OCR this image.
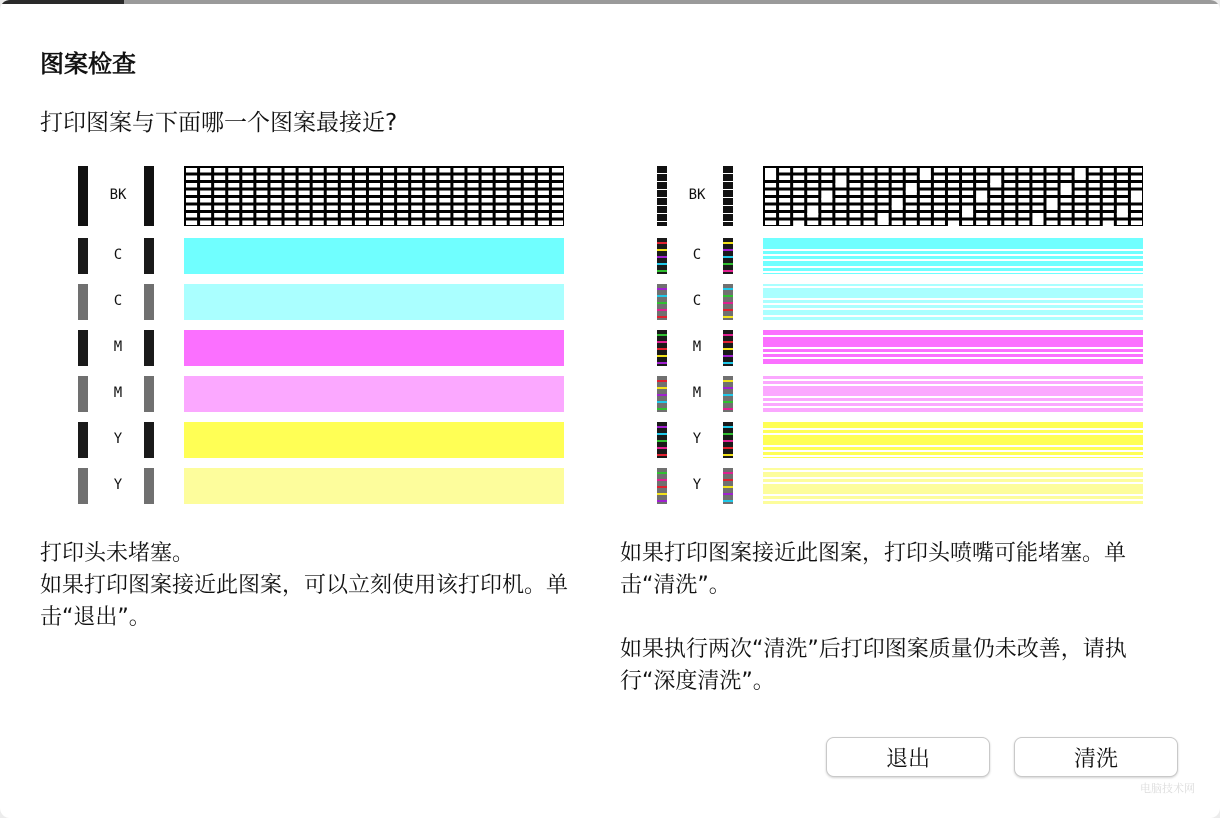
图案检查
打印图案与下面哪一个图案最接近?
BK
C
C
M
M
Y
Y
BK
C
C
M
M
Y
Y

打印头未堵塞。

如果打印图案接近此图案，可以立刻使用该打印机。单击“退出”。

如果打印图案接近此图案，打印头喷嘴可能堵塞。单击“清洗”。

如果执行两次“清洗”后打印图案质量仍未改善，请执行“深度清洗”。

退出	清洗
电脑技术网
